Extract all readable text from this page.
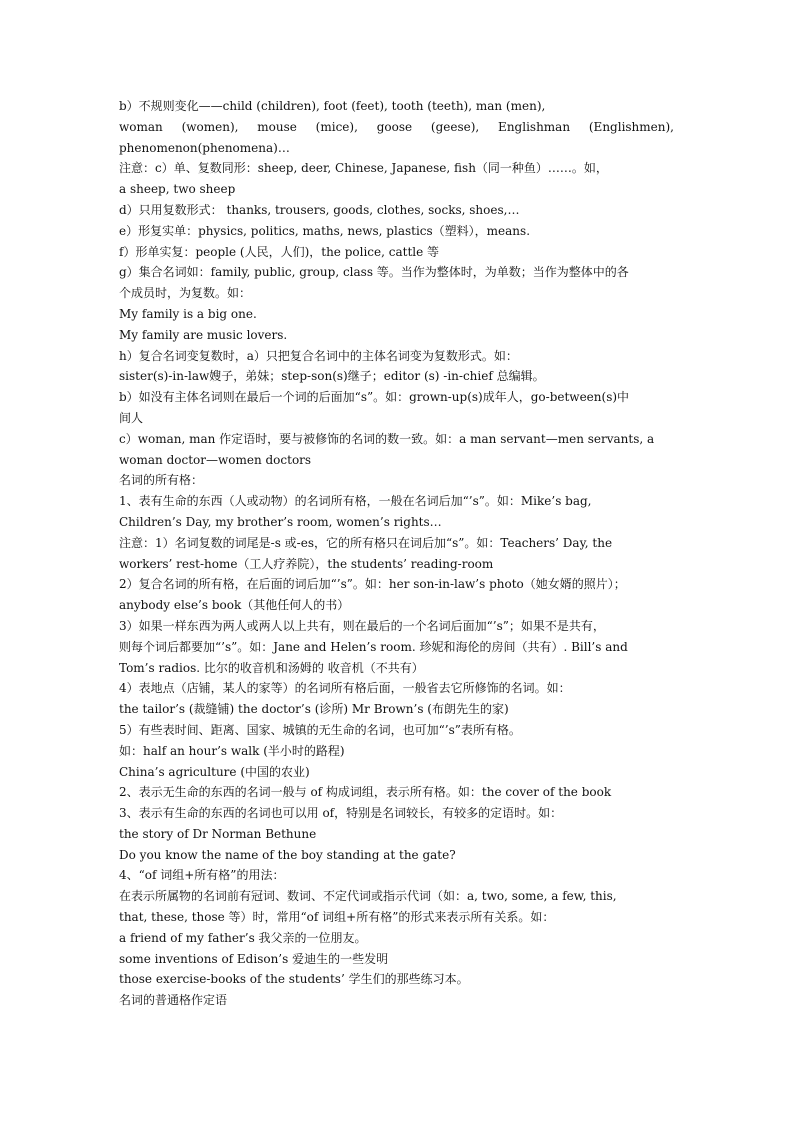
b）不规则变化——child (children), foot (feet), tooth (teeth), man (men),
woman (women), mouse (mice), goose (geese), Englishman (Englishmen),
phenomenon(phenomena)…
注意：c）单、复数同形：sheep, deer, Chinese, Japanese, fish（同一种鱼）……。如，
a sheep, two sheep
d）只用复数形式： thanks, trousers, goods, clothes, socks, shoes,…
e）形复实单：physics, politics, maths, news, plastics（塑料），means.
f）形单实复：people (人民，人们)，the police, cattle 等
g）集合名词如：family, public, group, class 等。当作为整体时，为单数；当作为整体中的各
个成员时，为复数。如：
My family is a big one.
My family are music lovers.
h）复合名词变复数时，a）只把复合名词中的主体名词变为复数形式。如：
sister(s)-in-law嫂子，弟妹；step-son(s)继子；editor (s) -in-chief 总编辑。
b）如没有主体名词则在最后一个词的后面加“s”。如：grown-up(s)成年人，go-between(s)中
间人
c）woman, man 作定语时，要与被修饰的名词的数一致。如：a man servant—men servants, a
woman doctor—women doctors
名词的所有格：
1、表有生命的东西（人或动物）的名词所有格，一般在名词后加“’s”。如：Mike’s bag,
Children’s Day, my brother’s room, women’s rights…
注意：1）名词复数的词尾是-s 或-es，它的所有格只在词后加“s”。如：Teachers’ Day, the
workers’ rest-home（工人疗养院），the students’ reading-room
2）复合名词的所有格，在后面的词后加“’s”。如：her son-in-law’s photo（她女婿的照片）；
anybody else’s book（其他任何人的书）
3）如果一样东西为两人或两人以上共有，则在最后的一个名词后面加“’s”；如果不是共有，
则每个词后都要加“’s”。如：Jane and Helen’s room. 珍妮和海伦的房间（共有）. Bill’s and
Tom’s radios. 比尔的收音机和汤姆的 收音机（不共有）
4）表地点（店铺，某人的家等）的名词所有格后面，一般省去它所修饰的名词。如：
the tailor’s (裁缝铺) the doctor’s (诊所) Mr Brown’s (布朗先生的家)
5）有些表时间、距离、国家、城镇的无生命的名词，也可加“’s”表所有格。
如：half an hour’s walk (半小时的路程)
China’s agriculture (中国的农业)
2、表示无生命的东西的名词一般与 of 构成词组，表示所有格。如：the cover of the book
3、表示有生命的东西的名词也可以用 of，特别是名词较长，有较多的定语时。如：
the story of Dr Norman Bethune
Do you know the name of the boy standing at the gate?
4、“of 词组+所有格”的用法：
在表示所属物的名词前有冠词、数词、不定代词或指示代词（如：a, two, some, a few, this,
that, these, those 等）时，常用“of 词组+所有格”的形式来表示所有关系。如：
a friend of my father’s 我父亲的一位朋友。
some inventions of Edison’s 爱迪生的一些发明
those exercise-books of the students’ 学生们的那些练习本。
名词的普通格作定语
